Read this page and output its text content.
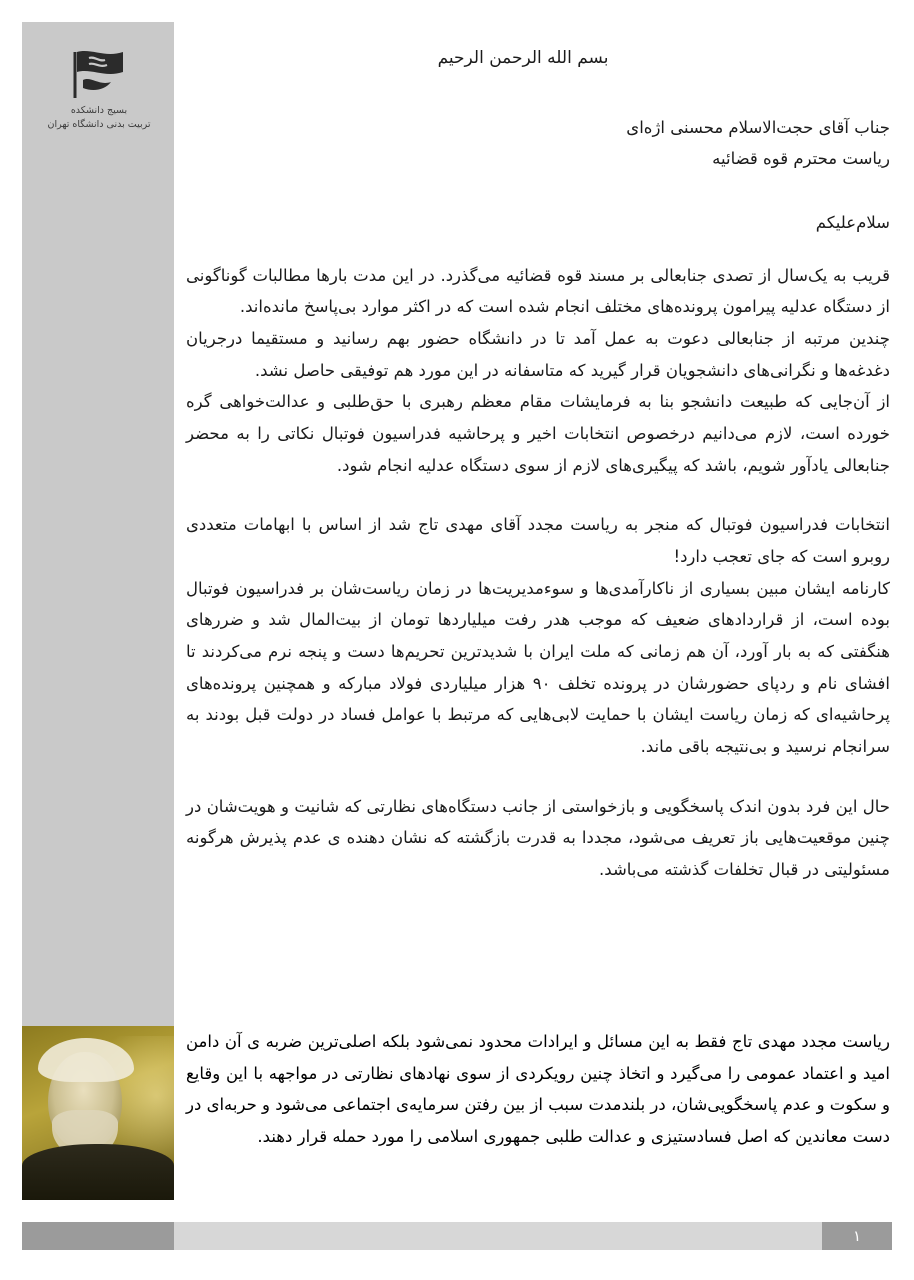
بسیج دانشکده
تربیت بدنی دانشگاه تهران
بسم الله الرحمن الرحیم
جناب آقای حجت‌الاسلام محسنی اژه‌ای
ریاست محترم قوه قضائیه
سلام‌علیکم

قریب به یک‌سال از تصدی جنابعالی بر مسند قوه قضائیه می‌گذرد. در این مدت بارها مطالبات گوناگونی از دستگاه عدلیه پیرامون پرونده‌های مختلف انجام شده است که در اکثر موارد بی‌پاسخ مانده‌اند.

چندین مرتبه از جنابعالی دعوت به عمل آمد تا در دانشگاه حضور بهم رسانید و مستقیما درجریان دغدغه‌ها و نگرانی‌های دانشجویان قرار گیرید که متاسفانه در این مورد هم توفیقی حاصل نشد.

از آن‌جایی که طبیعت دانشجو بنا به فرمایشات مقام معظم رهبری با حق‌طلبی و عدالت‌خواهی گره خورده است، لازم می‌دانیم درخصوص انتخابات اخیر و پرحاشیه فدراسیون فوتبال نکاتی را به محضر جنابعالی یادآور شویم، باشد که پیگیری‌های لازم از سوی دستگاه عدلیه انجام شود.

انتخابات فدراسیون فوتبال که منجر به ریاست مجدد آقای مهدی تاج شد از اساس با ابهامات متعددی روبرو است که جای تعجب دارد!

کارنامه ایشان مبین بسیاری از ناکارآمدی‌ها و سوءمدیریت‌ها در زمان ریاست‌شان بر فدراسیون فوتبال بوده است، از قراردادهای ضعیف که موجب هدر رفت میلیاردها تومان از بیت‌المال شد و ضررهای هنگفتی که به بار آورد، آن هم زمانی که ملت ایران با شدیدترین تحریم‌ها دست و پنجه نرم می‌کردند تا افشای نام و ردپای حضورشان در پرونده تخلف ۹۰ هزار میلیاردی فولاد مبارکه و همچنین پرونده‌های پرحاشیه‌ای که زمان ریاست ایشان با حمایت لابی‌هایی که مرتبط با عوامل فساد در دولت قبل بودند به سرانجام نرسید و بی‌نتیجه باقی ماند.

حال این فرد بدون اندک پاسخگویی و بازخواستی از جانب دستگاه‌های نظارتی که شانیت و هویت‌شان در چنین موقعیت‌هایی باز تعریف می‌شود، مجددا به قدرت بازگشته که نشان دهنده ی عدم پذیرش هرگونه مسئولیتی در قبال تخلفات گذشته می‌باشد.

ریاست مجدد مهدی تاج فقط به این مسائل و ایرادات محدود نمی‌شود بلکه اصلی‌ترین ضربه ی آن دامن امید و اعتماد عمومی را می‌گیرد و اتخاذ چنین رویکردی از سوی نهادهای نظارتی در مواجهه با این وقایع و سکوت و عدم پاسخگویی‌شان، در بلندمدت سبب از بین رفتن سرمایه‌ی اجتماعی می‌شود و حربه‌ای در دست معاندین که اصل فسادستیزی و عدالت طلبی جمهوری اسلامی را مورد حمله قرار دهند.

۱
